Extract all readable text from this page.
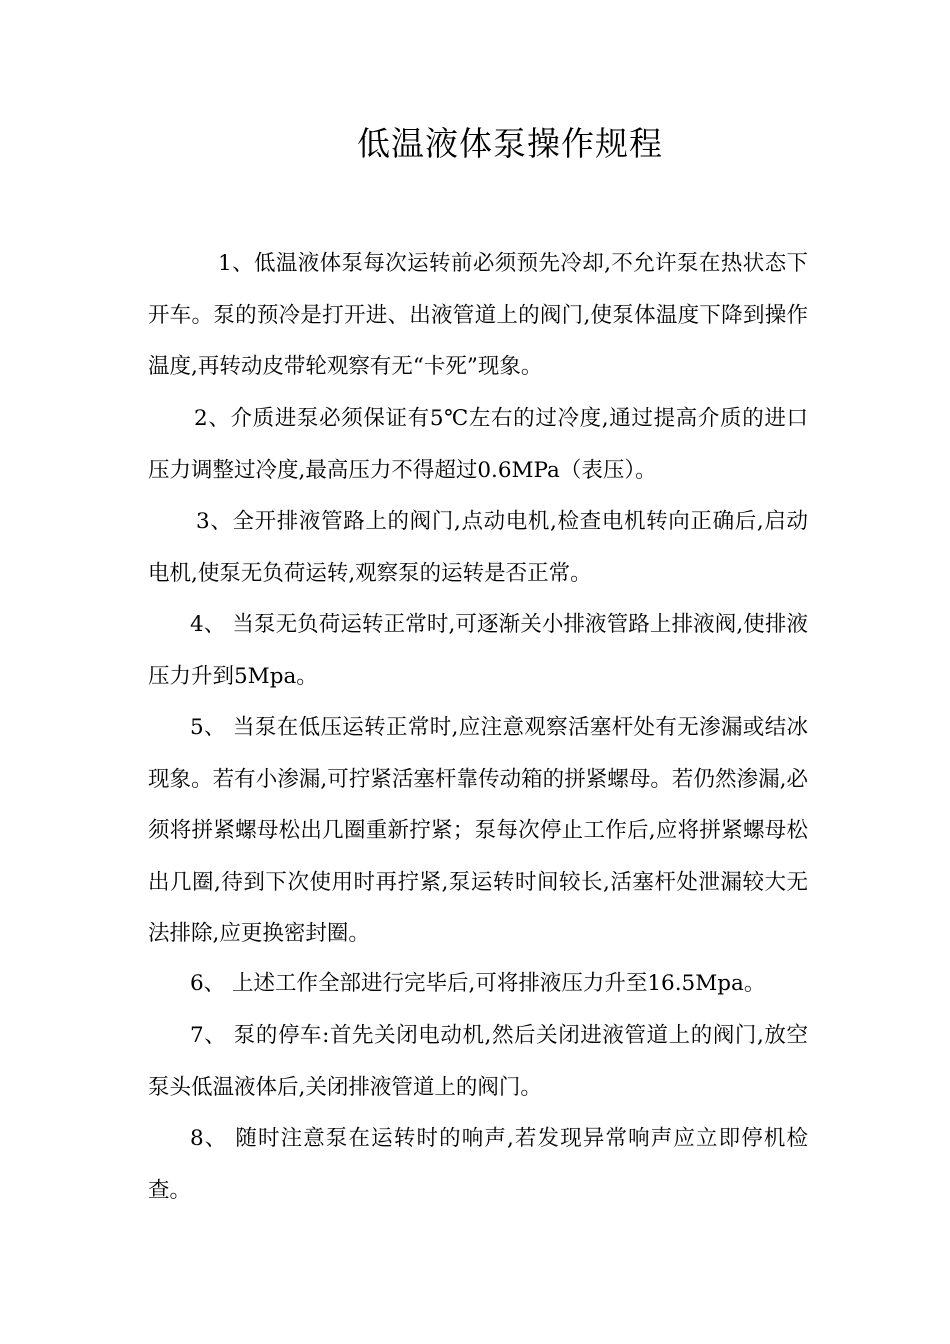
低温液体泵操作规程

1、低温液体泵每次运转前必须预先冷却,不允许泵在热状态下开车。泵的预冷是打开进、出液管道上的阀门,使泵体温度下降到操作温度,再转动皮带轮观察有无“卡死”现象。

2、介质进泵必须保证有5℃左右的过冷度,通过提高介质的进口压力调整过冷度,最高压力不得超过0.6MPa（表压）。

3、全开排液管路上的阀门,点动电机,检查电机转向正确后,启动电机,使泵无负荷运转,观察泵的运转是否正常。

4、 当泵无负荷运转正常时,可逐渐关小排液管路上排液阀,使排液压力升到5Mpa。

5、 当泵在低压运转正常时,应注意观察活塞杆处有无渗漏或结冰现象。若有小渗漏,可拧紧活塞杆靠传动箱的拼紧螺母。若仍然渗漏,必须将拼紧螺母松出几圈重新拧紧；泵每次停止工作后,应将拼紧螺母松出几圈,待到下次使用时再拧紧,泵运转时间较长,活塞杆处泄漏较大无法排除,应更换密封圈。

6、 上述工作全部进行完毕后,可将排液压力升至16.5Mpa。

7、 泵的停车:首先关闭电动机,然后关闭进液管道上的阀门,放空泵头低温液体后,关闭排液管道上的阀门。

8、 随时注意泵在运转时的响声,若发现异常响声应立即停机检查。
